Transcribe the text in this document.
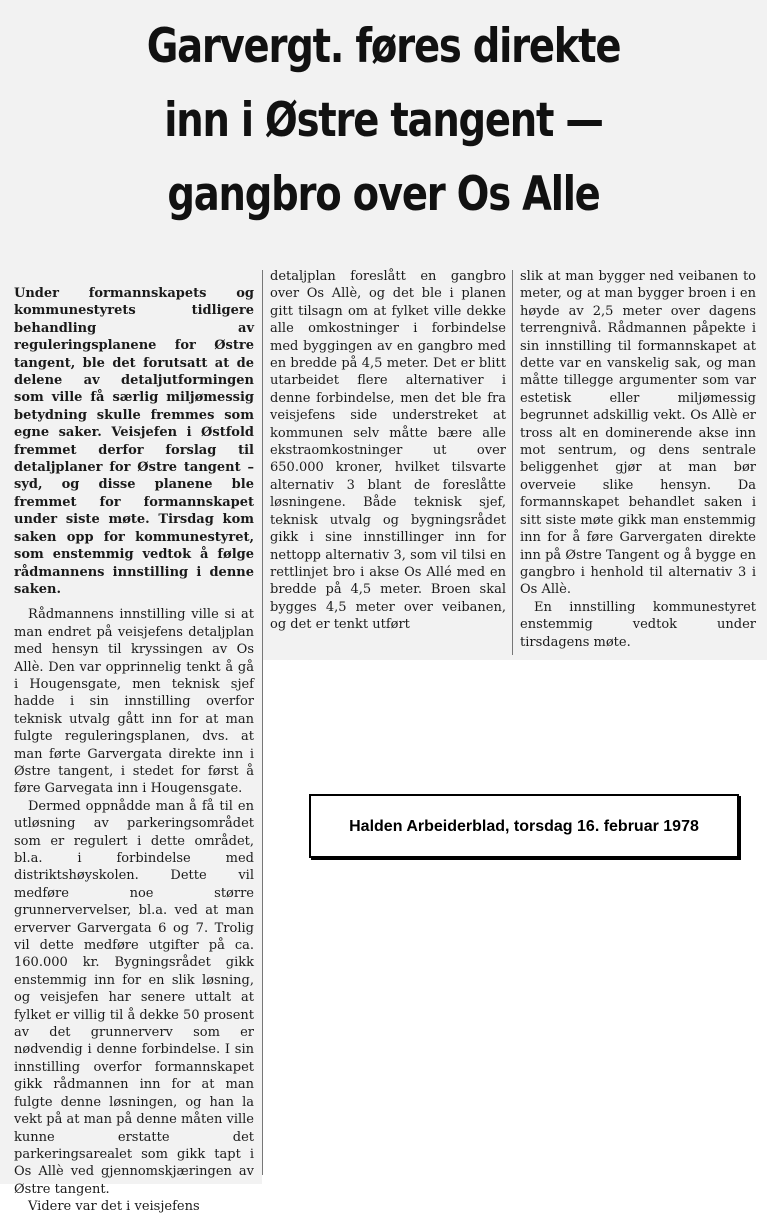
Garvergt. føres direkte
inn i Østre tangent —
gangbro over Os Alle

Under formannskapets og kommunestyrets tidligere behandling av reguleringsplanene for Østre tangent, ble det forutsatt at de delene av detaljutformingen som ville få særlig miljømessig betydning skulle fremmes som egne saker. Veisjefen i Østfold fremmet derfor forslag til detaljplaner for Østre tangent – syd, og disse planene ble fremmet for formannskapet under siste møte. Tirsdag kom saken opp for kommunestyret, som enstemmig vedtok å følge rådmannens innstilling i denne saken.

Rådmannens innstilling ville si at man endret på veisjefens detaljplan med hensyn til kryssingen av Os Allè. Den var opprinnelig tenkt å gå i Hougensgate, men teknisk sjef hadde i sin innstilling overfor teknisk utvalg gått inn for at man fulgte reguleringsplanen, dvs. at man førte Garvergata direkte inn i Østre tangent, i stedet for først å føre Garvegata inn i Hougensgate.

Dermed oppnådde man å få til en utløsning av parkeringsområdet som er regulert i dette området, bl.a. i forbindelse med distriktshøyskolen. Dette vil medføre noe større grunnervervelser, bl.a. ved at man erverver Garvergata 6 og 7. Trolig vil dette medføre utgifter på ca. 160.000 kr. Bygningsrådet gikk enstemmig inn for en slik løsning, og veisjefen har senere uttalt at fylket er villig til å dekke 50 prosent av det grunnerverv som er nødvendig i denne forbindelse. I sin innstilling overfor formannskapet gikk rådmannen inn for at man fulgte denne løsningen, og han la vekt på at man på denne måten ville kunne erstatte det parkeringsarealet som gikk tapt i Os Allè ved gjennomskjæringen av Østre tangent.

Videre var det i veisjefens

detaljplan foreslått en gangbro over Os Allè, og det ble i planen gitt tilsagn om at fylket ville dekke alle omkostninger i forbindelse med byggingen av en gangbro med en bredde på 4,5 meter. Det er blitt utarbeidet flere alternativer i denne forbindelse, men det ble fra veisjefens side understreket at kommunen selv måtte bære alle ekstraomkostninger ut over 650.000 kroner, hvilket tilsvarte alternativ 3 blant de foreslåtte løsningene. Både teknisk sjef, teknisk utvalg og bygningsrådet gikk i sine innstillinger inn for nettopp alternativ 3, som vil tilsi en rettlinjet bro i akse Os Allé med en bredde på 4,5 meter. Broen skal bygges 4,5 meter over veibanen, og det er tenkt utført

slik at man bygger ned veibanen to meter, og at man bygger broen i en høyde av 2,5 meter over dagens terrengnivå. Rådmannen påpekte i sin innstilling til formannskapet at dette var en vanskelig sak, og man måtte tillegge argumenter som var estetisk eller miljømessig begrunnet adskillig vekt. Os Allè er tross alt en dominerende akse inn mot sentrum, og dens sentrale beliggenhet gjør at man bør overveie slike hensyn. Da formannskapet behandlet saken i sitt siste møte gikk man enstemmig inn for å føre Garvergaten direkte inn på Østre Tangent og å bygge en gangbro i henhold til alternativ 3 i Os Allè.

En innstilling kommunestyret enstemmig vedtok under tirsdagens møte.

Halden Arbeiderblad, torsdag 16. februar 1978
